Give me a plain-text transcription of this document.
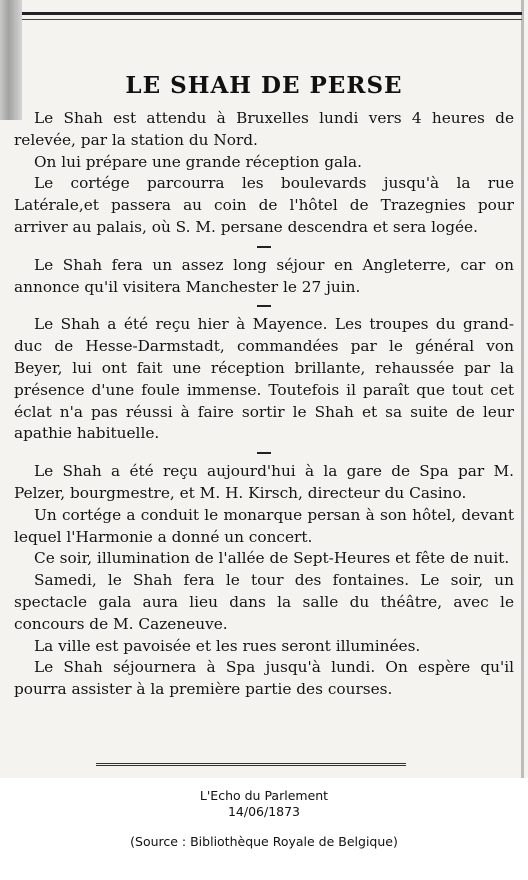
LE SHAH DE PERSE

Le Shah est attendu à Bruxelles lundi vers 4 heures de relevée, par la station du Nord.

On lui prépare une grande réception gala.

Le cortége parcourra les boulevards jusqu'à la rue Latérale,et passera au coin de l'hôtel de Trazegnies pour arriver au palais, où S. M. persane descendra et sera logée.

Le Shah fera un assez long séjour en Angleterre, car on annonce qu'il visitera Manchester le 27 juin.

Le Shah a été reçu hier à Mayence. Les troupes du grand-duc de Hesse-Darmstadt, commandées par le général von Beyer, lui ont fait une réception brillante, rehaussée par la présence d'une foule immense. Toutefois il paraît que tout cet éclat n'a pas réussi à faire sortir le Shah et sa suite de leur apathie habituelle.

Le Shah a été reçu aujourd'hui à la gare de Spa par M. Pelzer, bourgmestre, et M. H. Kirsch, directeur du Casino.

Un cortége a conduit le monarque persan à son hôtel, devant lequel l'Harmonie a donné un concert.

Ce soir, illumination de l'allée de Sept-Heures et fête de nuit.

Samedi, le Shah fera le tour des fontaines. Le soir, un spectacle gala aura lieu dans la salle du théâtre, avec le concours de M. Cazeneuve.

La ville est pavoisée et les rues seront illuminées.

Le Shah séjournera à Spa jusqu'à lundi. On espère qu'il pourra assister à la première partie des courses.

L'Echo du Parlement
14/06/1873
(Source : Bibliothèque Royale de Belgique)
